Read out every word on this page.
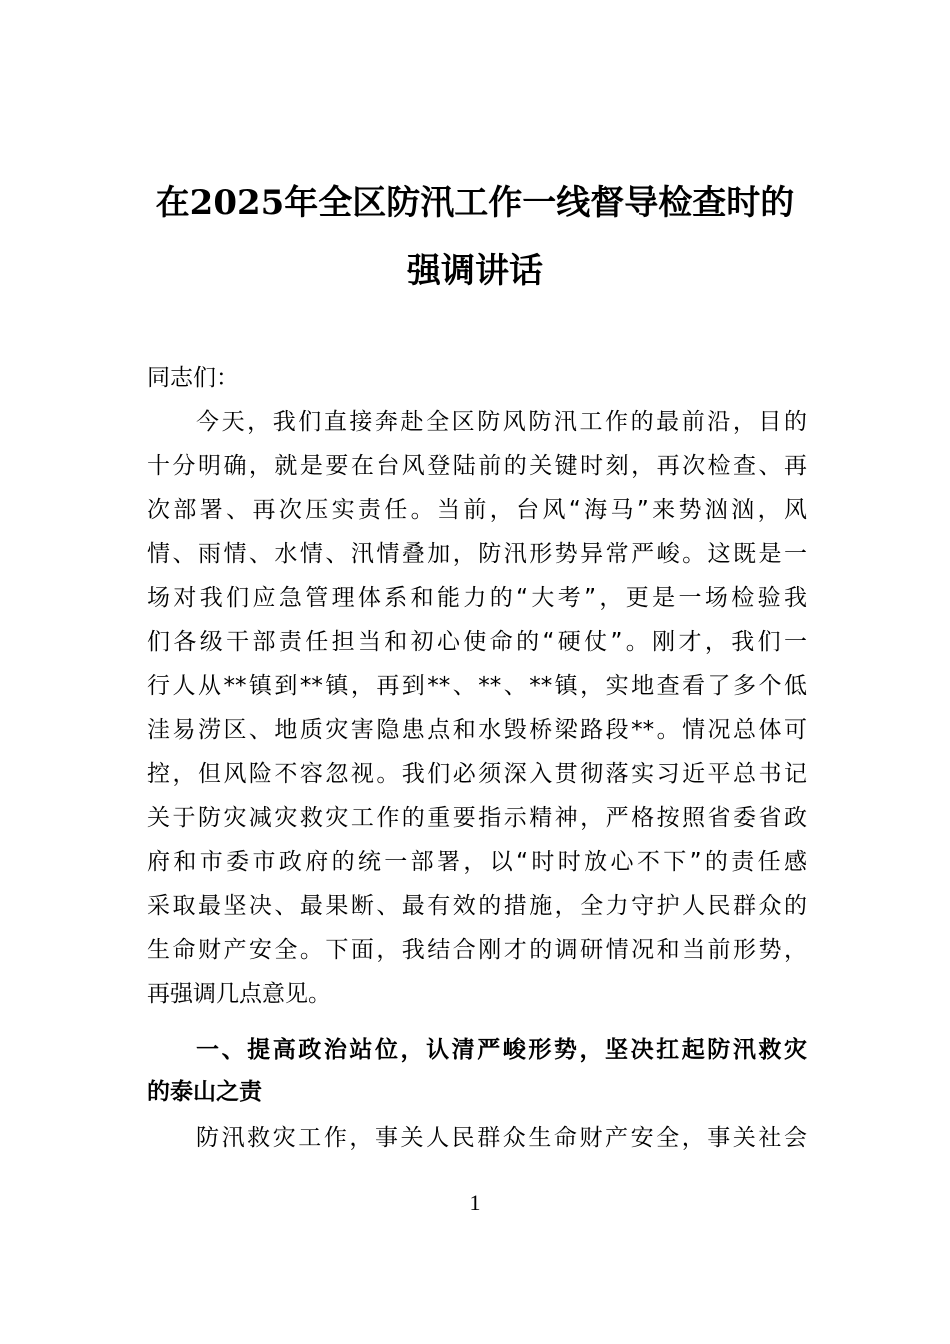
在2025年全区防汛工作一线督导检查时的
强调讲话
同志们：
今天，我们直接奔赴全区防风防汛工作的最前沿，目的
十分明确，就是要在台风登陆前的关键时刻，再次检查、再
次部署、再次压实责任。当前，台风“海马”来势汹汹，风
情、雨情、水情、汛情叠加，防汛形势异常严峻。这既是一
场对我们应急管理体系和能力的“大考”，更是一场检验我
们各级干部责任担当和初心使命的“硬仗”。刚才，我们一
行人从**镇到**镇，再到**、**、**镇，实地查看了多个低
洼易涝区、地质灾害隐患点和水毁桥梁路段**。情况总体可
控，但风险不容忽视。我们必须深入贯彻落实习近平总书记
关于防灾减灾救灾工作的重要指示精神，严格按照省委省政
府和市委市政府的统一部署，以“时时放心不下”的责任感
采取最坚决、最果断、最有效的措施，全力守护人民群众的
生命财产安全。下面，我结合刚才的调研情况和当前形势，
再强调几点意见。
一、提高政治站位，认清严峻形势，坚决扛起防汛救灾
的泰山之责
防汛救灾工作，事关人民群众生命财产安全，事关社会
1
